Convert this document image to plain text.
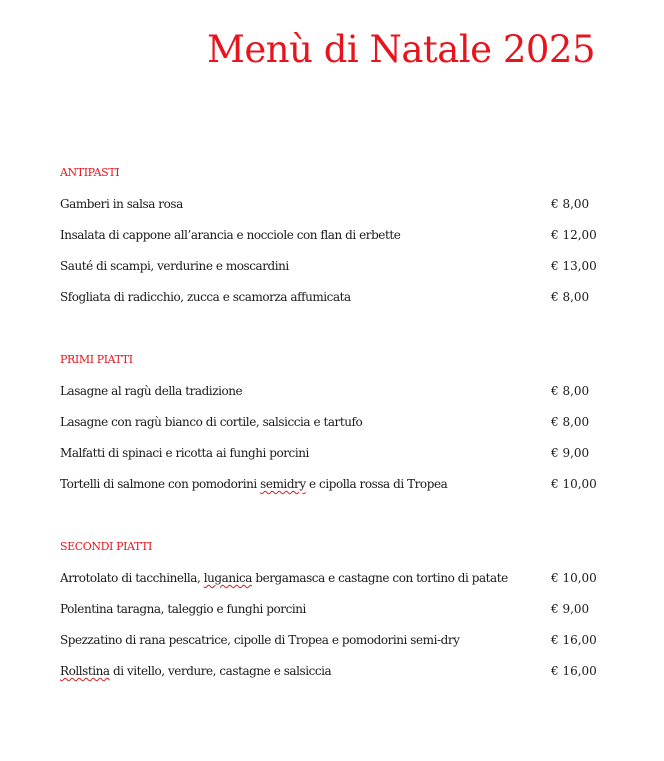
Menù di Natale 2025
ANTIPASTI
Gamberi in salsa rosa	€ 8,00
Insalata di cappone all’arancia e nocciole con flan di erbette	€ 12,00
Sauté di scampi, verdurine e moscardini	€ 13,00
Sfogliata di radicchio, zucca e scamorza affumicata	€ 8,00
PRIMI PIATTI
Lasagne al ragù della tradizione	€ 8,00
Lasagne con ragù bianco di cortile, salsiccia e tartufo	€ 8,00
Malfatti di spinaci e ricotta ai funghi porcini	€ 9,00
Tortelli di salmone con pomodorini semidry e cipolla rossa di Tropea	€ 10,00
SECONDI PIATTI
Arrotolato di tacchinella, luganica bergamasca e castagne con tortino di patate	€ 10,00
Polentina taragna, taleggio e funghi porcini	€ 9,00
Spezzatino di rana pescatrice, cipolle di Tropea e pomodorini semi-dry	€ 16,00
Rollstina di vitello, verdure, castagne e salsiccia	€ 16,00
